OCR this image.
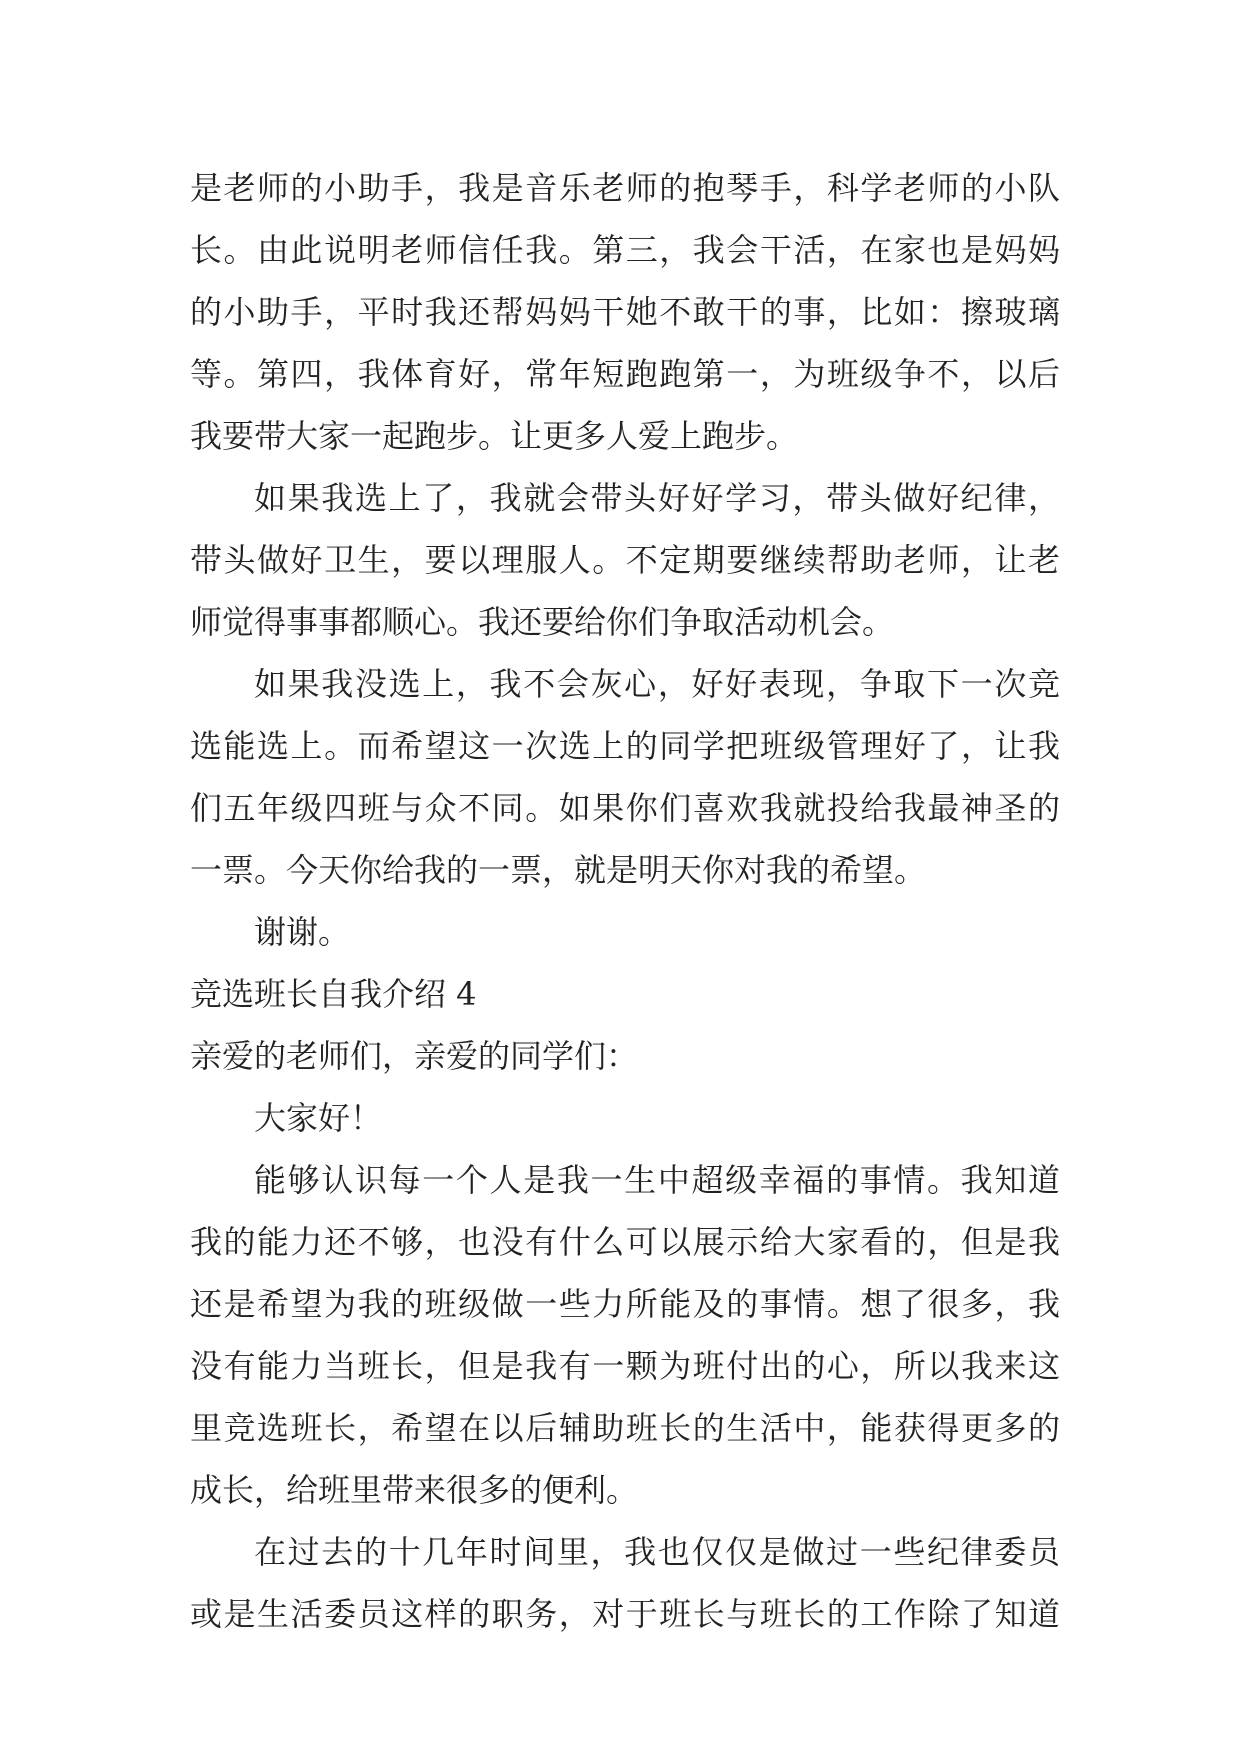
是老师的小助手，我是音乐老师的抱琴手，科学老师的小队

长。由此说明老师信任我。第三，我会干活，在家也是妈妈

的小助手，平时我还帮妈妈干她不敢干的事，比如：擦玻璃

等。第四，我体育好，常年短跑跑第一，为班级争不，以后

我要带大家一起跑步。让更多人爱上跑步。

如果我选上了，我就会带头好好学习，带头做好纪律，

带头做好卫生，要以理服人。不定期要继续帮助老师，让老

师觉得事事都顺心。我还要给你们争取活动机会。

如果我没选上，我不会灰心，好好表现，争取下一次竞

选能选上。而希望这一次选上的同学把班级管理好了，让我

们五年级四班与众不同。如果你们喜欢我就投给我最神圣的

一票。今天你给我的一票，就是明天你对我的希望。

谢谢。

竞选班长自我介绍 4

亲爱的老师们，亲爱的同学们：

大家好！

能够认识每一个人是我一生中超级幸福的事情。我知道

我的能力还不够，也没有什么可以展示给大家看的，但是我

还是希望为我的班级做一些力所能及的事情。想了很多，我

没有能力当班长，但是我有一颗为班付出的心，所以我来这

里竞选班长，希望在以后辅助班长的生活中，能获得更多的

成长，给班里带来很多的便利。

在过去的十几年时间里，我也仅仅是做过一些纪律委员

或是生活委员这样的职务，对于班长与班长的工作除了知道
